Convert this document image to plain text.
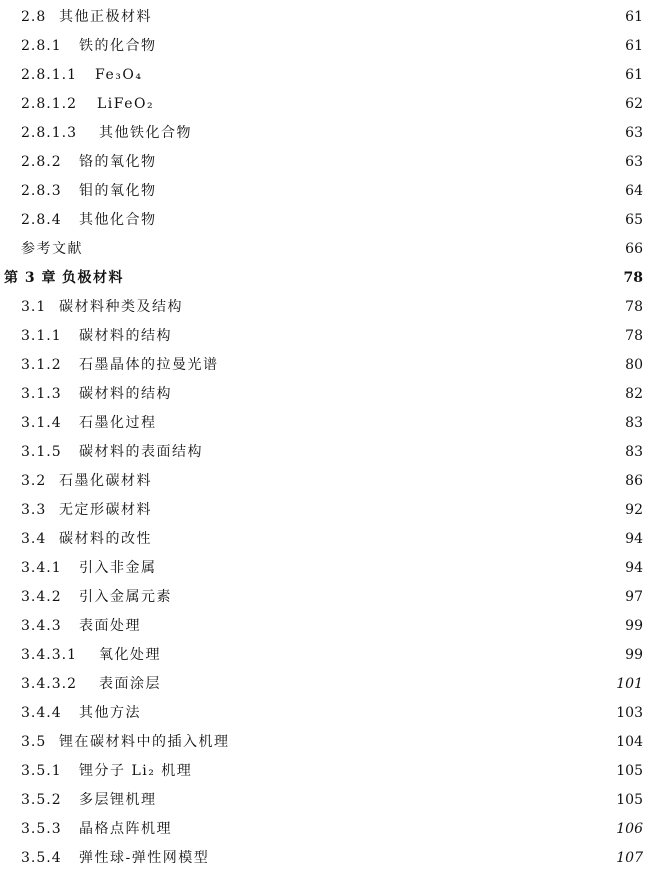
2.8 其他正极材料	61
2.8.1	铁的化合物	61
2.8.1.1	Fe₃O₄	61
2.8.1.2	LiFeO₂	62
2.8.1.3	其他铁化合物	63
2.8.2	铬的氧化物	63
2.8.3	钼的氧化物	64
2.8.4	其他化合物	65
参考文献	66
第 3 章 负极材料	78
3.1 碳材料种类及结构	78
3.1.1	碳材料的结构	78
3.1.2	石墨晶体的拉曼光谱	80
3.1.3	碳材料的结构	82
3.1.4	石墨化过程	83
3.1.5	碳材料的表面结构	83
3.2 石墨化碳材料	86
3.3 无定形碳材料	92
3.4 碳材料的改性	94
3.4.1	引入非金属	94
3.4.2	引入金属元素	97
3.4.3	表面处理	99
3.4.3.1	氧化处理	99
3.4.3.2	表面涂层	101
3.4.4	其他方法	103
3.5 锂在碳材料中的插入机理	104
3.5.1	锂分子 Li₂ 机理	105
3.5.2	多层锂机理	105
3.5.3	晶格点阵机理	106
3.5.4	弹性球-弹性网模型	107
